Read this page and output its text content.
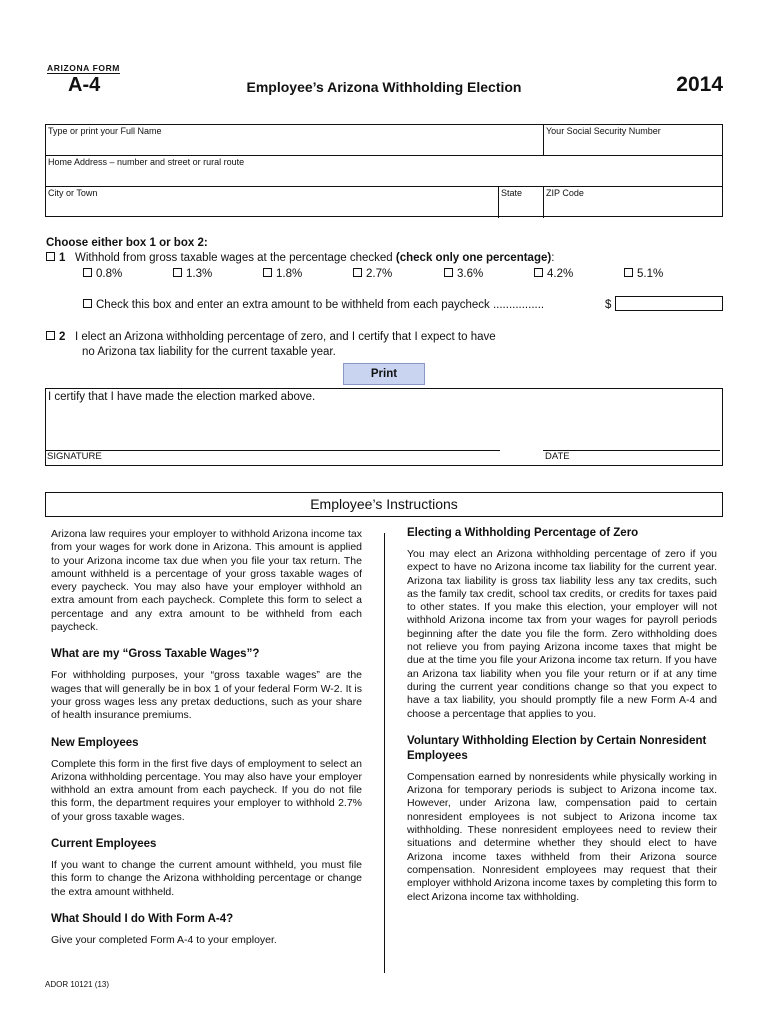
ARIZONA FORM
A-4	Employee’s Arizona Withholding Election	2014
Type or print your Full Name	Your Social Security Number
Home Address – number and street or rural route
City or Town	State	ZIP Code
Choose either box 1 or box 2:
1 Withhold from gross taxable wages at the percentage checked (check only one percentage):
0.8%	1.3%	1.8%	2.7%	3.6%	4.2%	5.1%
Check this box and enter an extra amount to be withheld from each paycheck ................	$
2 I elect an Arizona withholding percentage of zero, and I certify that I expect to have
no Arizona tax liability for the current taxable year.
Print
I certify that I have made the election marked above.
SIGNATURE	DATE
Employee’s Instructions

Arizona law requires your employer to withhold Arizona income tax from your wages for work done in Arizona. This amount is applied to your Arizona income tax due when you file your tax return. The amount withheld is a percentage of your gross taxable wages of every paycheck. You may also have your employer withhold an extra amount from each paycheck. Complete this form to select a percentage and any extra amount to be withheld from each paycheck.

What are my “Gross Taxable Wages”?

For withholding purposes, your “gross taxable wages” are the wages that will generally be in box 1 of your federal Form W-2. It is your gross wages less any pretax deductions, such as your share of health insurance premiums.

New Employees

Complete this form in the first five days of employment to select an Arizona withholding percentage. You may also have your employer withhold an extra amount from each paycheck. If you do not file this form, the department requires your employer to withhold 2.7% of your gross taxable wages.

Current Employees

If you want to change the current amount withheld, you must file this form to change the Arizona withholding percentage or change the extra amount withheld.

What Should I do With Form A-4?

Give your completed Form A-4 to your employer.

Electing a Withholding Percentage of Zero

You may elect an Arizona withholding percentage of zero if you expect to have no Arizona income tax liability for the current year. Arizona tax liability is gross tax liability less any tax credits, such as the family tax credit, school tax credits, or credits for taxes paid to other states. If you make this election, your employer will not withhold Arizona income tax from your wages for payroll periods beginning after the date you file the form. Zero withholding does not relieve you from paying Arizona income taxes that might be due at the time you file your Arizona income tax return. If you have an Arizona tax liability when you file your return or if at any time during the current year conditions change so that you expect to have a tax liability, you should promptly file a new Form A-4 and choose a percentage that applies to you.

Voluntary Withholding Election by Certain Nonresident Employees

Compensation earned by nonresidents while physically working in Arizona for temporary periods is subject to Arizona income tax. However, under Arizona law, compensation paid to certain nonresident employees is not subject to Arizona income tax withholding. These nonresident employees need to review their situations and determine whether they should elect to have Arizona income taxes withheld from their Arizona source compensation. Nonresident employees may request that their employer withhold Arizona income taxes by completing this form to elect Arizona income tax withholding.

ADOR 10121 (13)
